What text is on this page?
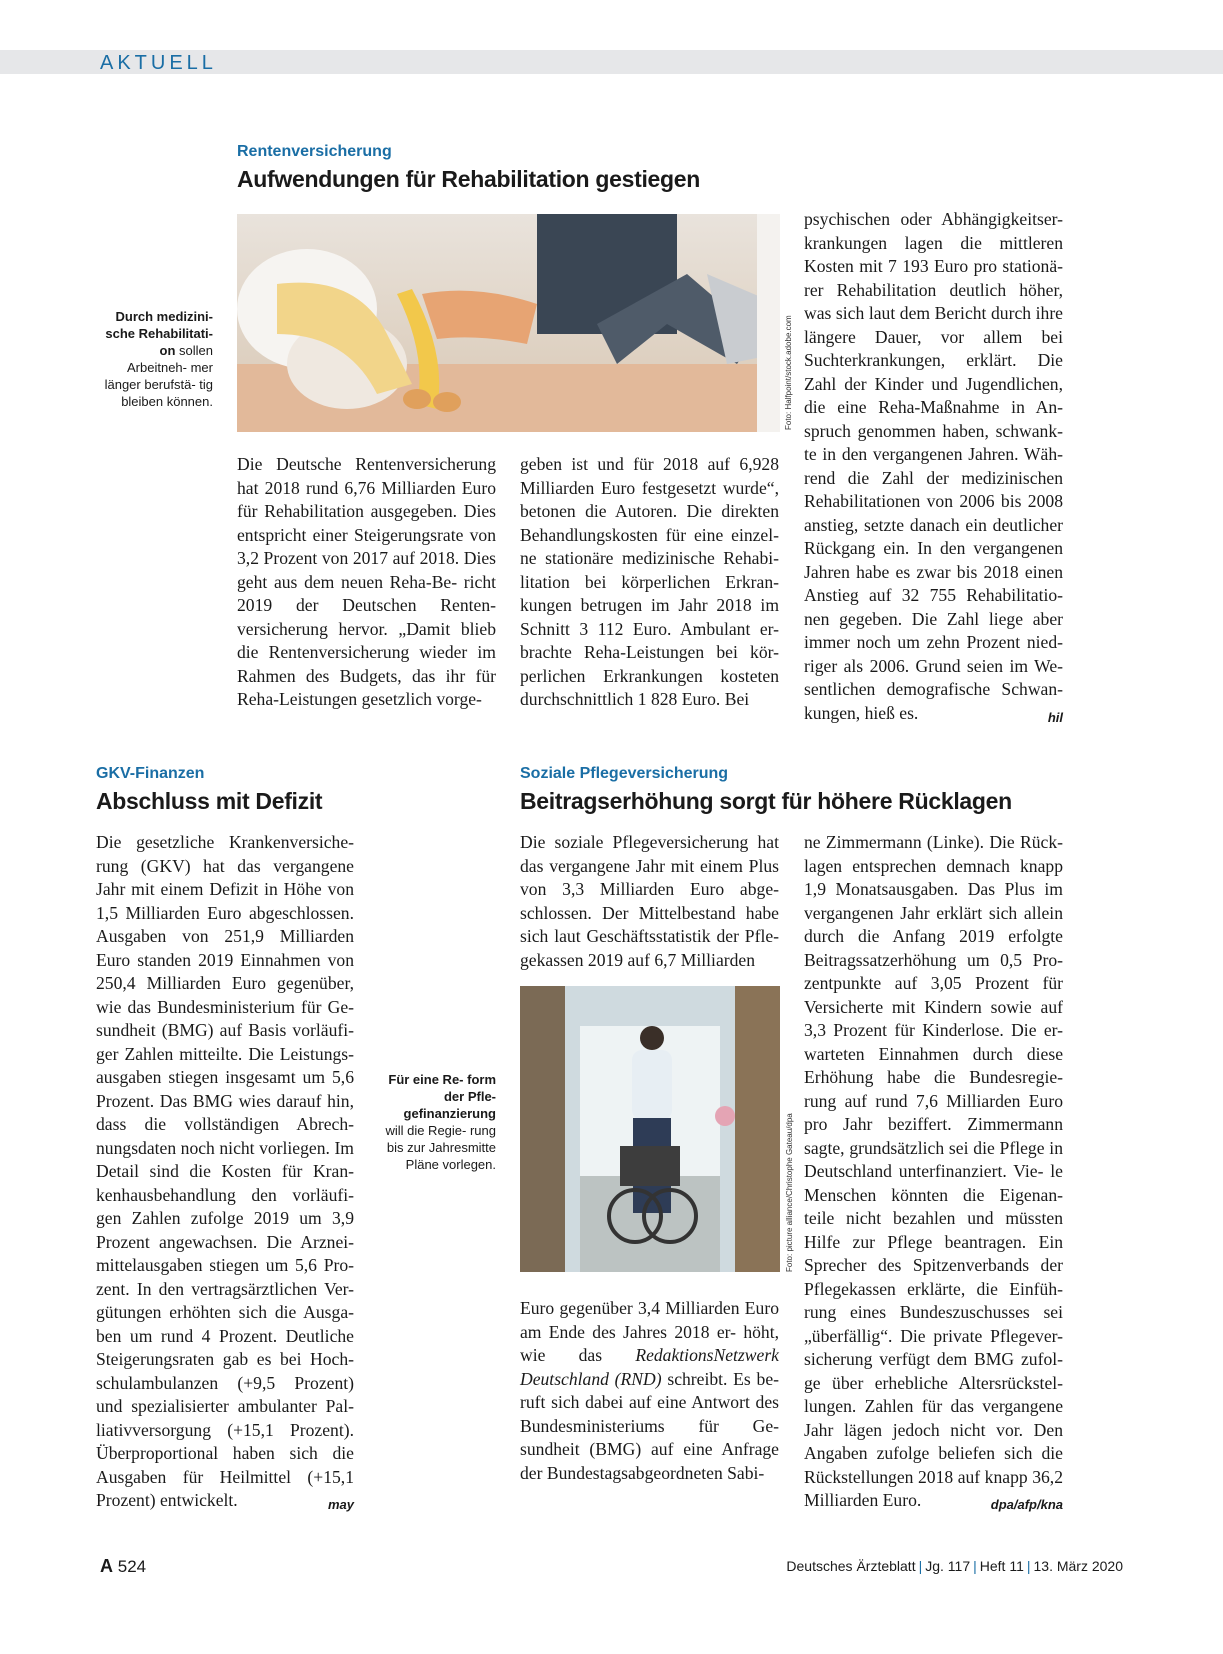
AKTUELL
Rentenversicherung
Aufwendungen für Rehabilitation gestiegen
Durch medizini- sche Rehabilitati- on sollen Arbeitneh- mer länger berufstä- tig bleiben können.	Foto: Halfpoint/stock.adobe.com
Die Deutsche Rentenversicherung hat 2018 rund 6,76 Milliarden Euro für Rehabilitation ausgegeben. Dies entspricht einer Steigerungsrate von 3,2 Prozent von 2017 auf 2018. Dies geht aus dem neuen Reha-Be- richt 2019 der Deutschen Renten- versicherung hervor. „Damit blieb die Rentenversicherung wieder im Rahmen des Budgets, das ihr für Reha-Leistungen gesetzlich vorge-
geben ist und für 2018 auf 6,928 Milliarden Euro festgesetzt wurde“, betonen die Autoren. Die direkten Behandlungskosten für eine einzel- ne stationäre medizinische Rehabi- litation bei körperlichen Erkran- kungen betrugen im Jahr 2018 im Schnitt 3 112 Euro. Ambulant er- brachte Reha-Leistungen bei kör- perlichen Erkrankungen kosteten durchschnittlich 1 828 Euro. Bei
psychischen oder Abhängigkeitser- krankungen lagen die mittleren Kosten mit 7 193 Euro pro stationä- rer Rehabilitation deutlich höher, was sich laut dem Bericht durch ihre längere Dauer, vor allem bei Suchterkrankungen, erklärt. Die Zahl der Kinder und Jugendlichen, die eine Reha-Maßnahme in An- spruch genommen haben, schwank- te in den vergangenen Jahren. Wäh- rend die Zahl der medizinischen Rehabilitationen von 2006 bis 2008 anstieg, setzte danach ein deutlicher Rückgang ein. In den vergangenen Jahren habe es zwar bis 2018 einen Anstieg auf 32 755 Rehabilitatio- nen gegeben. Die Zahl liege aber immer noch um zehn Prozent nied- riger als 2006. Grund seien im We- sentlichen demografische Schwan- kungen, hieß es.	hil
GKV-Finanzen
Abschluss mit Defizit
Die gesetzliche Krankenversiche- rung (GKV) hat das vergangene Jahr mit einem Defizit in Höhe von 1,5 Milliarden Euro abgeschlossen. Ausgaben von 251,9 Milliarden Euro standen 2019 Einnahmen von 250,4 Milliarden Euro gegenüber, wie das Bundesministerium für Ge- sundheit (BMG) auf Basis vorläufi- ger Zahlen mitteilte. Die Leistungs- ausgaben stiegen insgesamt um 5,6 Prozent. Das BMG wies darauf hin, dass die vollständigen Abrech- nungsdaten noch nicht vorliegen. Im Detail sind die Kosten für Kran- kenhausbehandlung den vorläufi- gen Zahlen zufolge 2019 um 3,9 Prozent angewachsen. Die Arznei- mittelausgaben stiegen um 5,6 Pro- zent. In den vertragsärztlichen Ver- gütungen erhöhten sich die Ausga- ben um rund 4 Prozent. Deutliche Steigerungsraten gab es bei Hoch- schulambulanzen (+9,5 Prozent) und spezialisierter ambulanter Pal- liativversorgung (+15,1 Prozent). Überproportional haben sich die Ausgaben für Heilmittel (+15,1 Prozent) entwickelt.	may
Soziale Pflegeversicherung
Beitragserhöhung sorgt für höhere Rücklagen
Die soziale Pflegeversicherung hat das vergangene Jahr mit einem Plus von 3,3 Milliarden Euro abge- schlossen. Der Mittelbestand habe sich laut Geschäftsstatistik der Pfle- gekassen 2019 auf 6,7 Milliarden
Für eine Re- form der Pfle- gefinanzierung will die Regie- rung bis zur Jahresmitte Pläne vorlegen.	Foto: picture alliance/Christophe Gateau/dpa
Euro gegenüber 3,4 Milliarden Euro am Ende des Jahres 2018 er- höht, wie das RedaktionsNetzwerk Deutschland (RND) schreibt. Es be- ruft sich dabei auf eine Antwort des Bundesministeriums für Ge- sundheit (BMG) auf eine Anfrage der Bundestagsabgeordneten Sabi-
ne Zimmermann (Linke). Die Rück- lagen entsprechen demnach knapp 1,9 Monatsausgaben. Das Plus im vergangenen Jahr erklärt sich allein durch die Anfang 2019 erfolgte Beitragssatzerhöhung um 0,5 Pro- zentpunkte auf 3,05 Prozent für Versicherte mit Kindern sowie auf 3,3 Prozent für Kinderlose. Die er- warteten Einnahmen durch diese Erhöhung habe die Bundesregie- rung auf rund 7,6 Milliarden Euro pro Jahr beziffert. Zimmermann sagte, grundsätzlich sei die Pflege in Deutschland unterfinanziert. Vie- le Menschen könnten die Eigenan- teile nicht bezahlen und müssten Hilfe zur Pflege beantragen. Ein Sprecher des Spitzenverbands der Pflegekassen erklärte, die Einfüh- rung eines Bundeszuschusses sei „überfällig“. Die private Pflegever- sicherung verfügt dem BMG zufol- ge über erhebliche Altersrückstel- lungen. Zahlen für das vergangene Jahr lägen jedoch nicht vor. Den Angaben zufolge beliefen sich die Rückstellungen 2018 auf knapp 36,2 Milliarden Euro.	dpa/afp/kna
A 524	Deutsches Ärzteblatt | Jg. 117 | Heft 11 | 13. März 2020
